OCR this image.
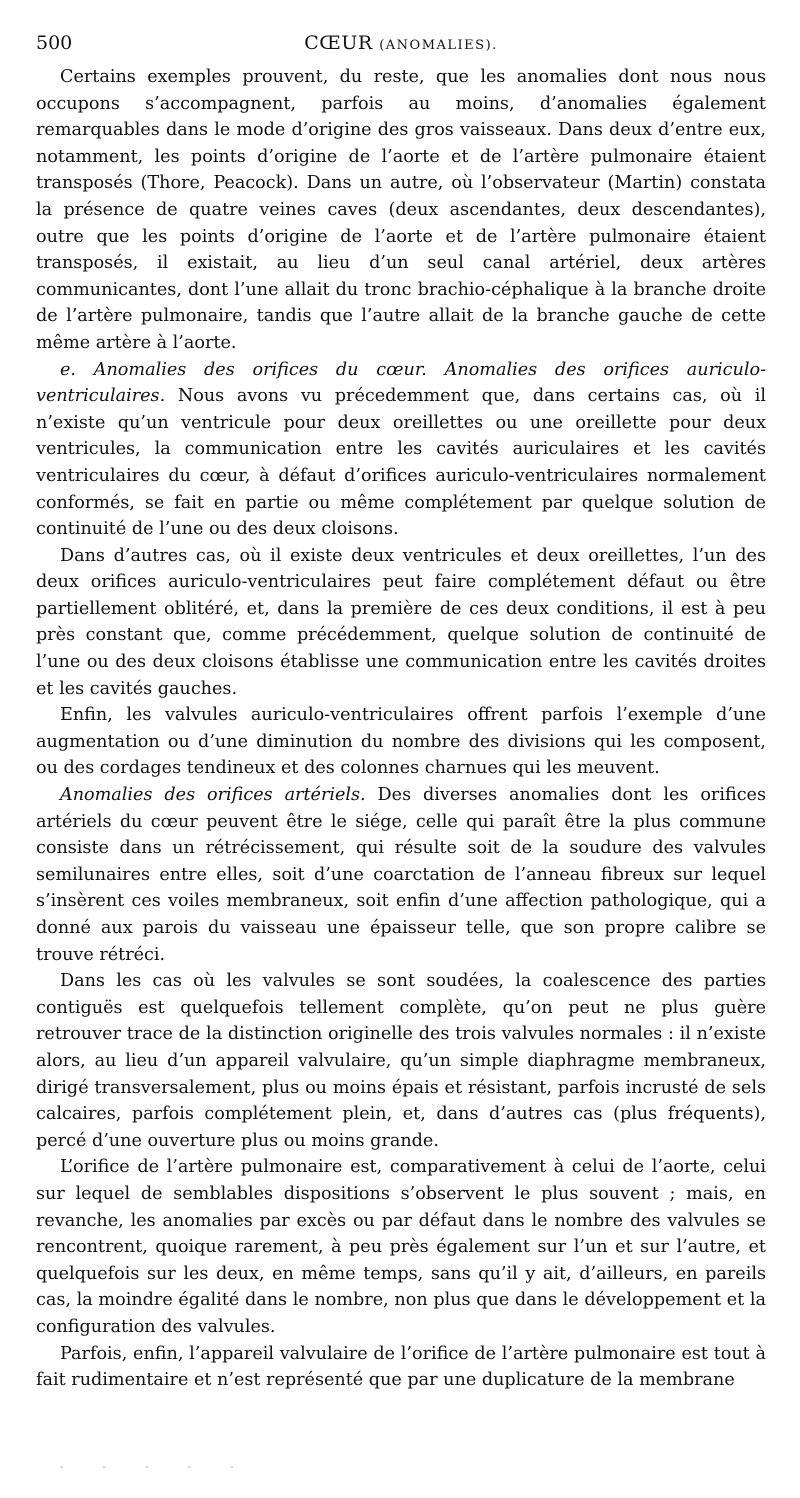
500	CŒUR (ANOMALIES).

Certains exemples prouvent, du reste, que les anomalies dont nous nous occupons s’accompagnent, parfois au moins, d’anomalies également remarquables dans le mode d’origine des gros vaisseaux. Dans deux d’entre eux, notamment, les points d’origine de l’aorte et de l’artère pulmonaire étaient transposés (Thore, Peacock). Dans un autre, où l’observateur (Martin) constata la présence de quatre veines caves (deux ascendantes, deux descendantes), outre que les points d’origine de l’aorte et de l’artère pulmonaire étaient transposés, il existait, au lieu d’un seul canal artériel, deux artères communicantes, dont l’une allait du tronc brachio-céphalique à la branche droite de l’artère pulmonaire, tandis que l’autre allait de la branche gauche de cette même artère à l’aorte.

e. Anomalies des orifices du cœur. Anomalies des orifices auriculo-ventriculaires. Nous avons vu précedemment que, dans certains cas, où il n’existe qu’un ventricule pour deux oreillettes ou une oreillette pour deux ventricules, la communication entre les cavités auriculaires et les cavités ventriculaires du cœur, à défaut d’orifices auriculo-ventriculaires normalement conformés, se fait en partie ou même complétement par quelque solution de continuité de l’une ou des deux cloisons.

Dans d’autres cas, où il existe deux ventricules et deux oreillettes, l’un des deux orifices auriculo-ventriculaires peut faire complétement défaut ou être partiellement oblitéré, et, dans la première de ces deux conditions, il est à peu près constant que, comme précédemment, quelque solution de continuité de l’une ou des deux cloisons établisse une communication entre les cavités droites et les cavités gauches.

Enfin, les valvules auriculo-ventriculaires offrent parfois l’exemple d’une augmentation ou d’une diminution du nombre des divisions qui les composent, ou des cordages tendineux et des colonnes charnues qui les meuvent.

Anomalies des orifices artériels. Des diverses anomalies dont les orifices artériels du cœur peuvent être le siége, celle qui paraît être la plus commune consiste dans un rétrécissement, qui résulte soit de la soudure des valvules semilunaires entre elles, soit d’une coarctation de l’anneau fibreux sur lequel s’insèrent ces voiles membraneux, soit enfin d’une affection pathologique, qui a donné aux parois du vaisseau une épaisseur telle, que son propre calibre se trouve rétréci.

Dans les cas où les valvules se sont soudées, la coalescence des parties contiguës est quelquefois tellement complète, qu’on peut ne plus guère retrouver trace de la distinction originelle des trois valvules normales : il n’existe alors, au lieu d’un appareil valvulaire, qu’un simple diaphragme membraneux, dirigé transversalement, plus ou moins épais et résistant, parfois incrusté de sels calcaires, parfois complétement plein, et, dans d’autres cas (plus fréquents), percé d’une ouverture plus ou moins grande.

L’orifice de l’artère pulmonaire est, comparativement à celui de l’aorte, celui sur lequel de semblables dispositions s’observent le plus souvent ; mais, en revanche, les anomalies par excès ou par défaut dans le nombre des valvules se rencontrent, quoique rarement, à peu près également sur l’un et sur l’autre, et quelquefois sur les deux, en même temps, sans qu’il y ait, d’ailleurs, en pareils cas, la moindre égalité dans le nombre, non plus que dans le développement et la configuration des valvules.

Parfois, enfin, l’appareil valvulaire de l’orifice de l’artère pulmonaire est tout à fait rudimentaire et n’est représenté que par une duplicature de la membrane

- - - - -
